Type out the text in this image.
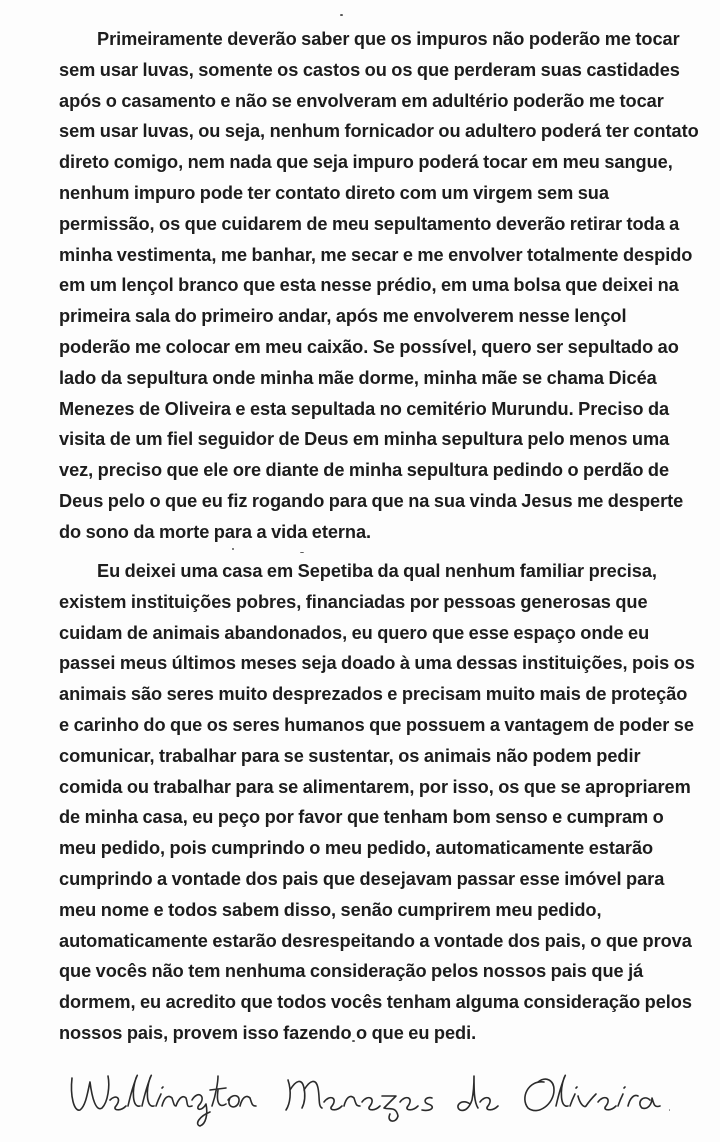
Primeiramente deverão saber que os impuros não poderão me tocar sem usar luvas, somente os castos ou os que perderam suas castidades após o casamento e não se envolveram em adultério poderão me tocar sem usar luvas, ou seja, nenhum fornicador ou adultero poderá ter contato direto comigo, nem nada que seja impuro poderá tocar em meu sangue, nenhum impuro pode ter contato direto com um virgem sem sua permissão, os que cuidarem de meu sepultamento deverão retirar toda a minha vestimenta, me banhar, me secar e me envolver totalmente despido em um lençol branco que esta nesse prédio, em uma bolsa que deixei na primeira sala do primeiro andar, após me envolverem nesse lençol poderão me colocar em meu caixão. Se possível, quero ser sepultado ao lado da sepultura onde minha mãe dorme, minha mãe se chama Dicéa Menezes de Oliveira e esta sepultada no cemitério Murundu. Preciso da visita de um fiel seguidor de Deus em minha sepultura pelo menos uma vez, preciso que ele ore diante de minha sepultura pedindo o perdão de Deus pelo o que eu fiz rogando para que na sua vinda Jesus me desperte do sono da morte para a vida eterna.

Eu deixei uma casa em Sepetiba da qual nenhum familiar precisa, existem instituições pobres, financiadas por pessoas generosas que cuidam de animais abandonados, eu quero que esse espaço onde eu passei meus últimos meses seja doado à uma dessas instituições, pois os animais são seres muito desprezados e precisam muito mais de proteção e carinho do que os seres humanos que possuem a vantagem de poder se comunicar, trabalhar para se sustentar, os animais não podem pedir comida ou trabalhar para se alimentarem, por isso, os que se apropriarem de minha casa, eu peço por favor que tenham bom senso e cumpram o meu pedido, pois cumprindo o meu pedido, automaticamente estarão cumprindo a vontade dos pais que desejavam passar esse imóvel para meu nome e todos sabem disso, senão cumprirem meu pedido, automaticamente estarão desrespeitando a vontade dos pais, o que prova que vocês não tem nenhuma consideração pelos nossos pais que já dormem, eu acredito que todos vocês tenham alguma consideração pelos nossos pais, provem isso fazendo o que eu pedi.
